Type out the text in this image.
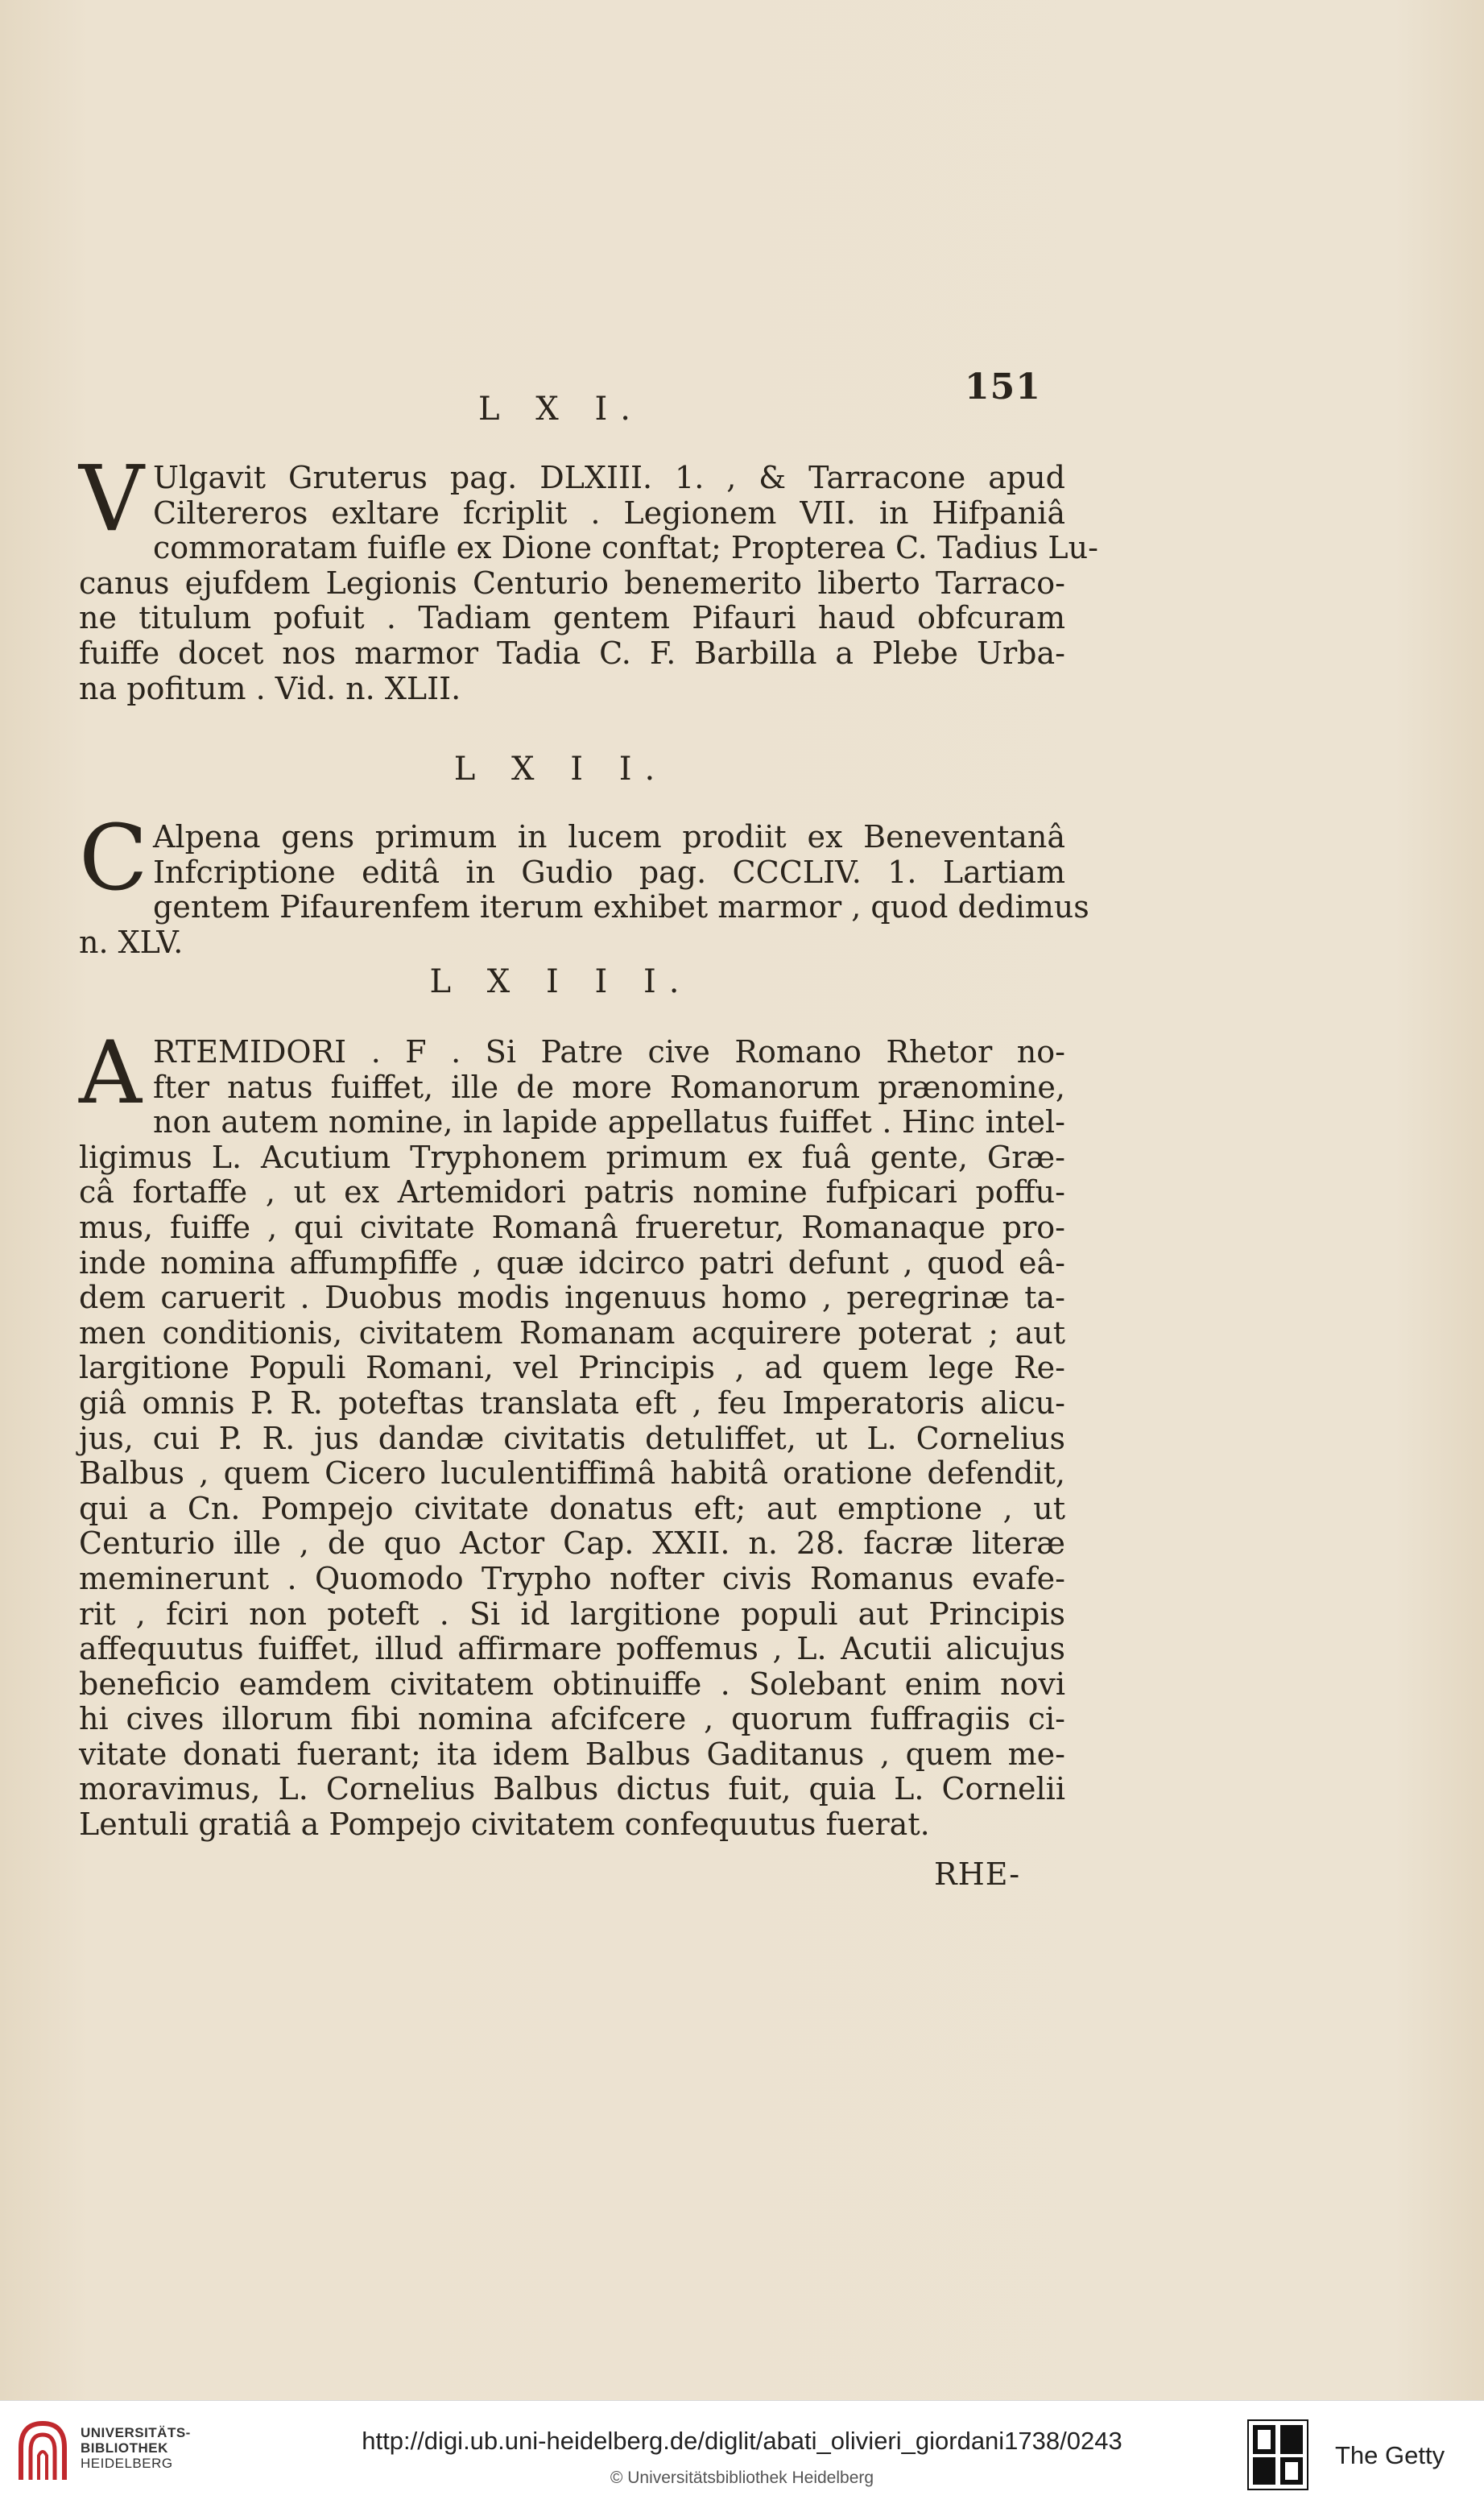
151
L X I.
V Ulgavit Gruterus pag. DLXIII. 1. , & Tarracone apud
Ciltereros exltare fcriplit . Legionem VII. in Hifpaniâ
commoratam fuifle ex Dione conftat; Propterea C. Tadius Lu-
canus ejufdem Legionis Centurio benemerito liberto Tarraco-
ne titulum pofuit . Tadiam gentem Pifauri haud obfcuram
fuiffe docet nos marmor Tadia C. F. Barbilla a Plebe Urba-
na pofitum . Vid. n. XLII.
L X I I.
C Alpena gens primum in lucem prodiit ex Beneventanâ
Infcriptione editâ in Gudio pag. CCCLIV. 1. Lartiam
gentem Pifaurenfem iterum exhibet marmor , quod dedimus
n. XLV.
L X I I I.
A RTEMIDORI . F . Si Patre cive Romano Rhetor no-
fter natus fuiffet, ille de more Romanorum prænomine,
non autem nomine, in lapide appellatus fuiffet . Hinc intel-
ligimus L. Acutium Tryphonem primum ex fuâ gente, Græ-
câ fortaffe , ut ex Artemidori patris nomine fufpicari poffu-
mus, fuiffe , qui civitate Romanâ frueretur, Romanaque pro-
inde nomina affumpfiffe , quæ idcirco patri defunt , quod eâ-
dem caruerit . Duobus modis ingenuus homo , peregrinæ ta-
men conditionis, civitatem Romanam acquirere poterat ; aut
largitione Populi Romani, vel Principis , ad quem lege Re-
giâ omnis P. R. poteftas translata eft , feu Imperatoris alicu-
jus, cui P. R. jus dandæ civitatis detuliffet, ut L. Cornelius
Balbus , quem Cicero luculentiffimâ habitâ oratione defendit,
qui a Cn. Pompejo civitate donatus eft; aut emptione , ut
Centurio ille , de quo Actor Cap. XXII. n. 28. facræ literæ
meminerunt . Quomodo Trypho nofter civis Romanus evafe-
rit , fciri non poteft . Si id largitione populi aut Principis
affequutus fuiffet, illud affirmare poffemus , L. Acutii alicujus
beneficio eamdem civitatem obtinuiffe . Solebant enim novi
hi cives illorum fibi nomina afcifcere , quorum fuffragiis ci-
vitate donati fuerant; ita idem Balbus Gaditanus , quem me-
moravimus, L. Cornelius Balbus dictus fuit, quia L. Cornelii
Lentuli gratiâ a Pompejo civitatem confequutus fuerat.
RHE-
UNIVERSITÄTS-
BIBLIOTHEK
HEIDELBERG
http://digi.ub.uni-heidelberg.de/diglit/abati_olivieri_giordani1738/0243
© Universitätsbibliothek Heidelberg
The Getty
